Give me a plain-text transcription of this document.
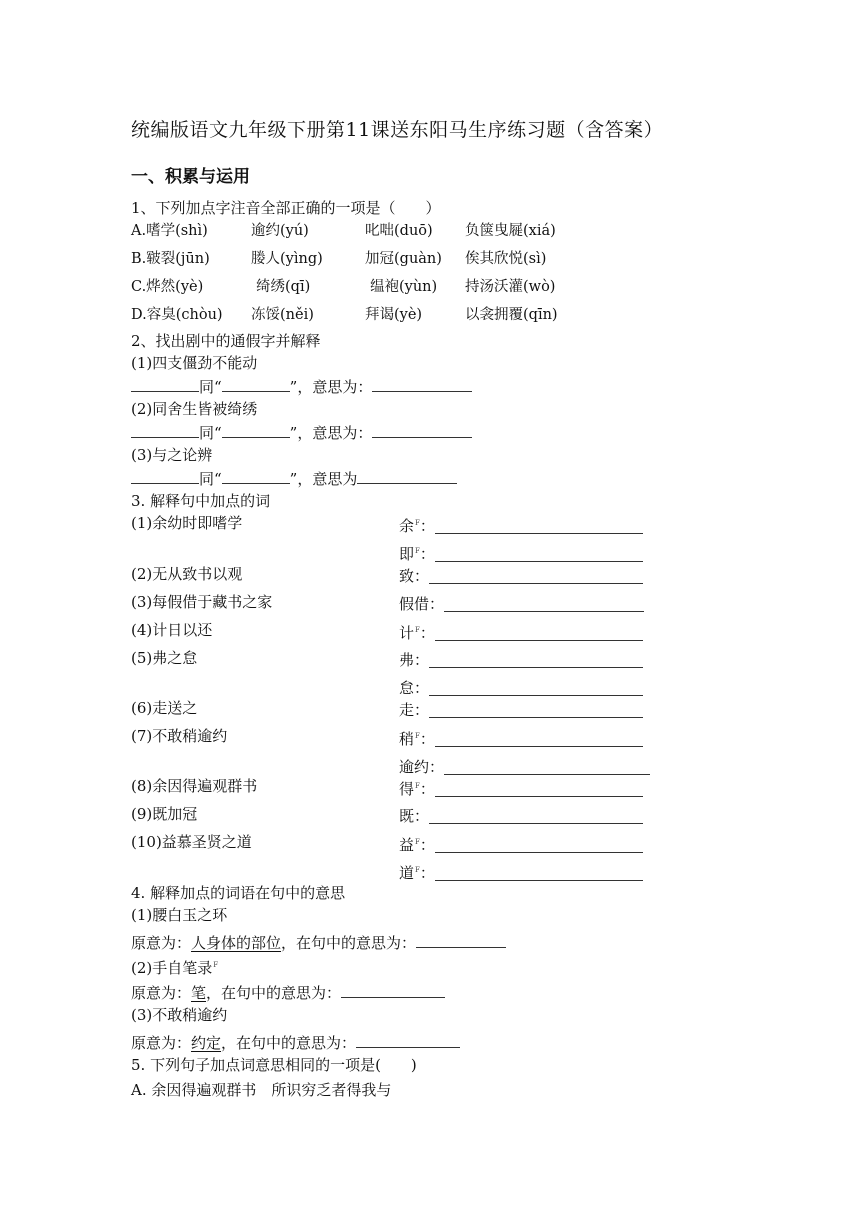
统编版语文九年级下册第11课送东阳马生序练习题（含答案）
一、积累与运用
1、下列加点字注音全部正确的一项是（　　）
A.嗜学(shì)	逾约(yú)	叱咄(duō) 负箧曳屣(xiá)
B.皲裂(jūn)	媵人(yìng)	加冠(guàn) 俟其欣悦(sì)
C.烨然(yè)	绮绣(qī)	缊袍(yùn) 持汤沃灌(wò)
D.容臭(chòu) 冻馁(něi)	拜谒(yè)	以衾拥覆(qīn)
2、找出剧中的通假字并解释
(1)四支僵劲不能动
同“	”，意思为：
(2)同舍生皆被绮绣
同“	”，意思为：
(3)与之论辨
同“	”，意思为
3. 解释句中加点的词
(1)余幼时即嗜学	余$^F$：
即$^F$：
(2)无从致书以观	致：
(3)每假借于藏书之家	假借：
(4)计日以还	计$^F$：
(5)弗之怠	弗：
怠：
(6)走送之	走：
(7)不敢稍逾约	稍$^F$：
逾约：
(8)余因得遍观群书	得$^F$：
(9)既加冠	既：
(10)益慕圣贤之道	益$^F$：
道$^F$：
4. 解释加点的词语在句中的意思
(1)腰白玉之环
原意为：人身体的部位，在句中的意思为：
(2)手自笔录$^F$
原意为：笔，在句中的意思为：
(3)不敢稍逾约
原意为：约定，在句中的意思为：
5. 下列句子加点词意思相同的一项是(　　)
A. 余因得遍观群书　所识穷乏者得我与
